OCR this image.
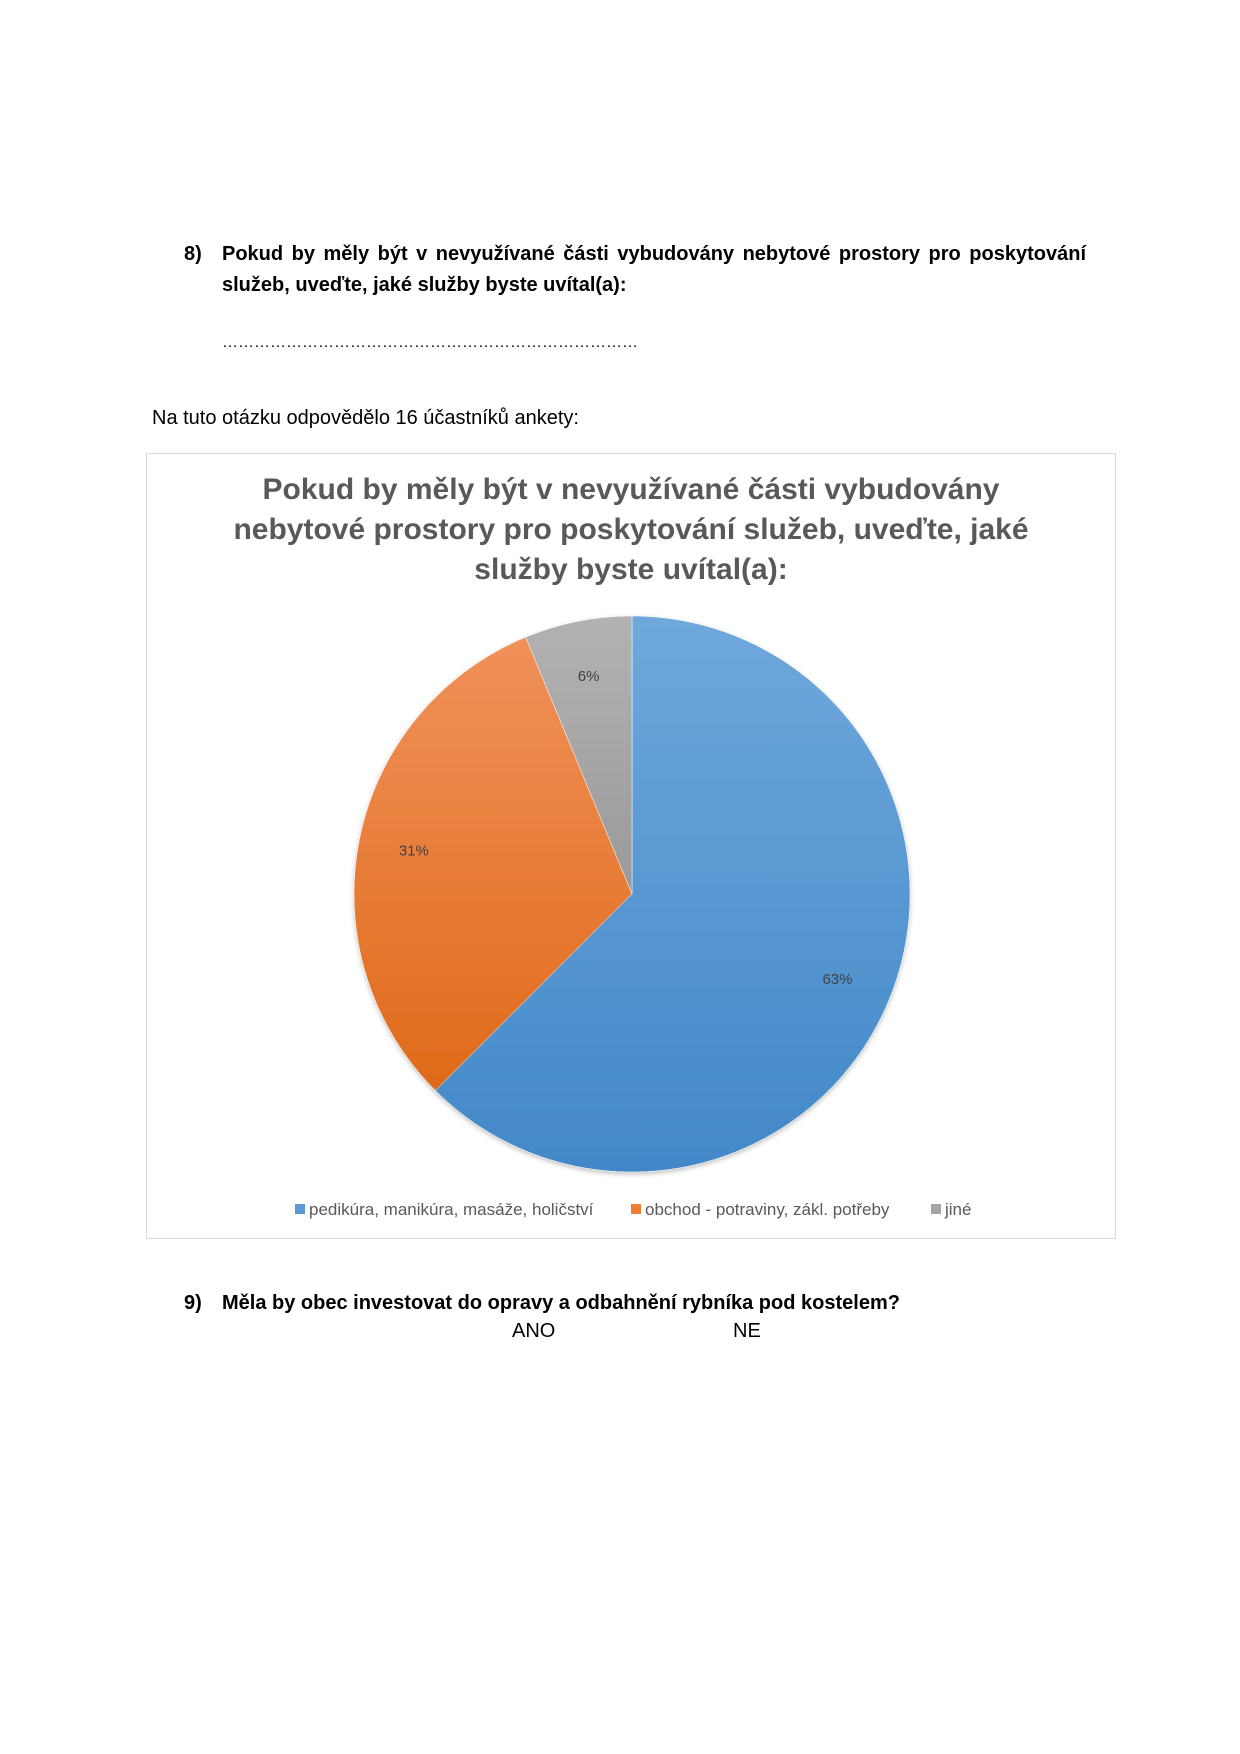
8) Pokud by měly být v nevyužívané části vybudovány nebytové prostory pro poskytování
služeb, uveďte, jaké služby byste uvítal(a):
……………………………………………………………………
Na tuto otázku odpovědělo 16 účastníků ankety:
Pokud by měly být v nevyužívané části vybudovány
nebytové prostory pro poskytování služeb, uveďte, jaké
služby byste uvítal(a):
63%
31%
6%
pedikúra, manikúra, masáže, holičství	obchod - potraviny, zákl. potřeby	jiné
9) Měla by obec investovat do opravy a odbahnění rybníka pod kostelem?
ANO	NE
